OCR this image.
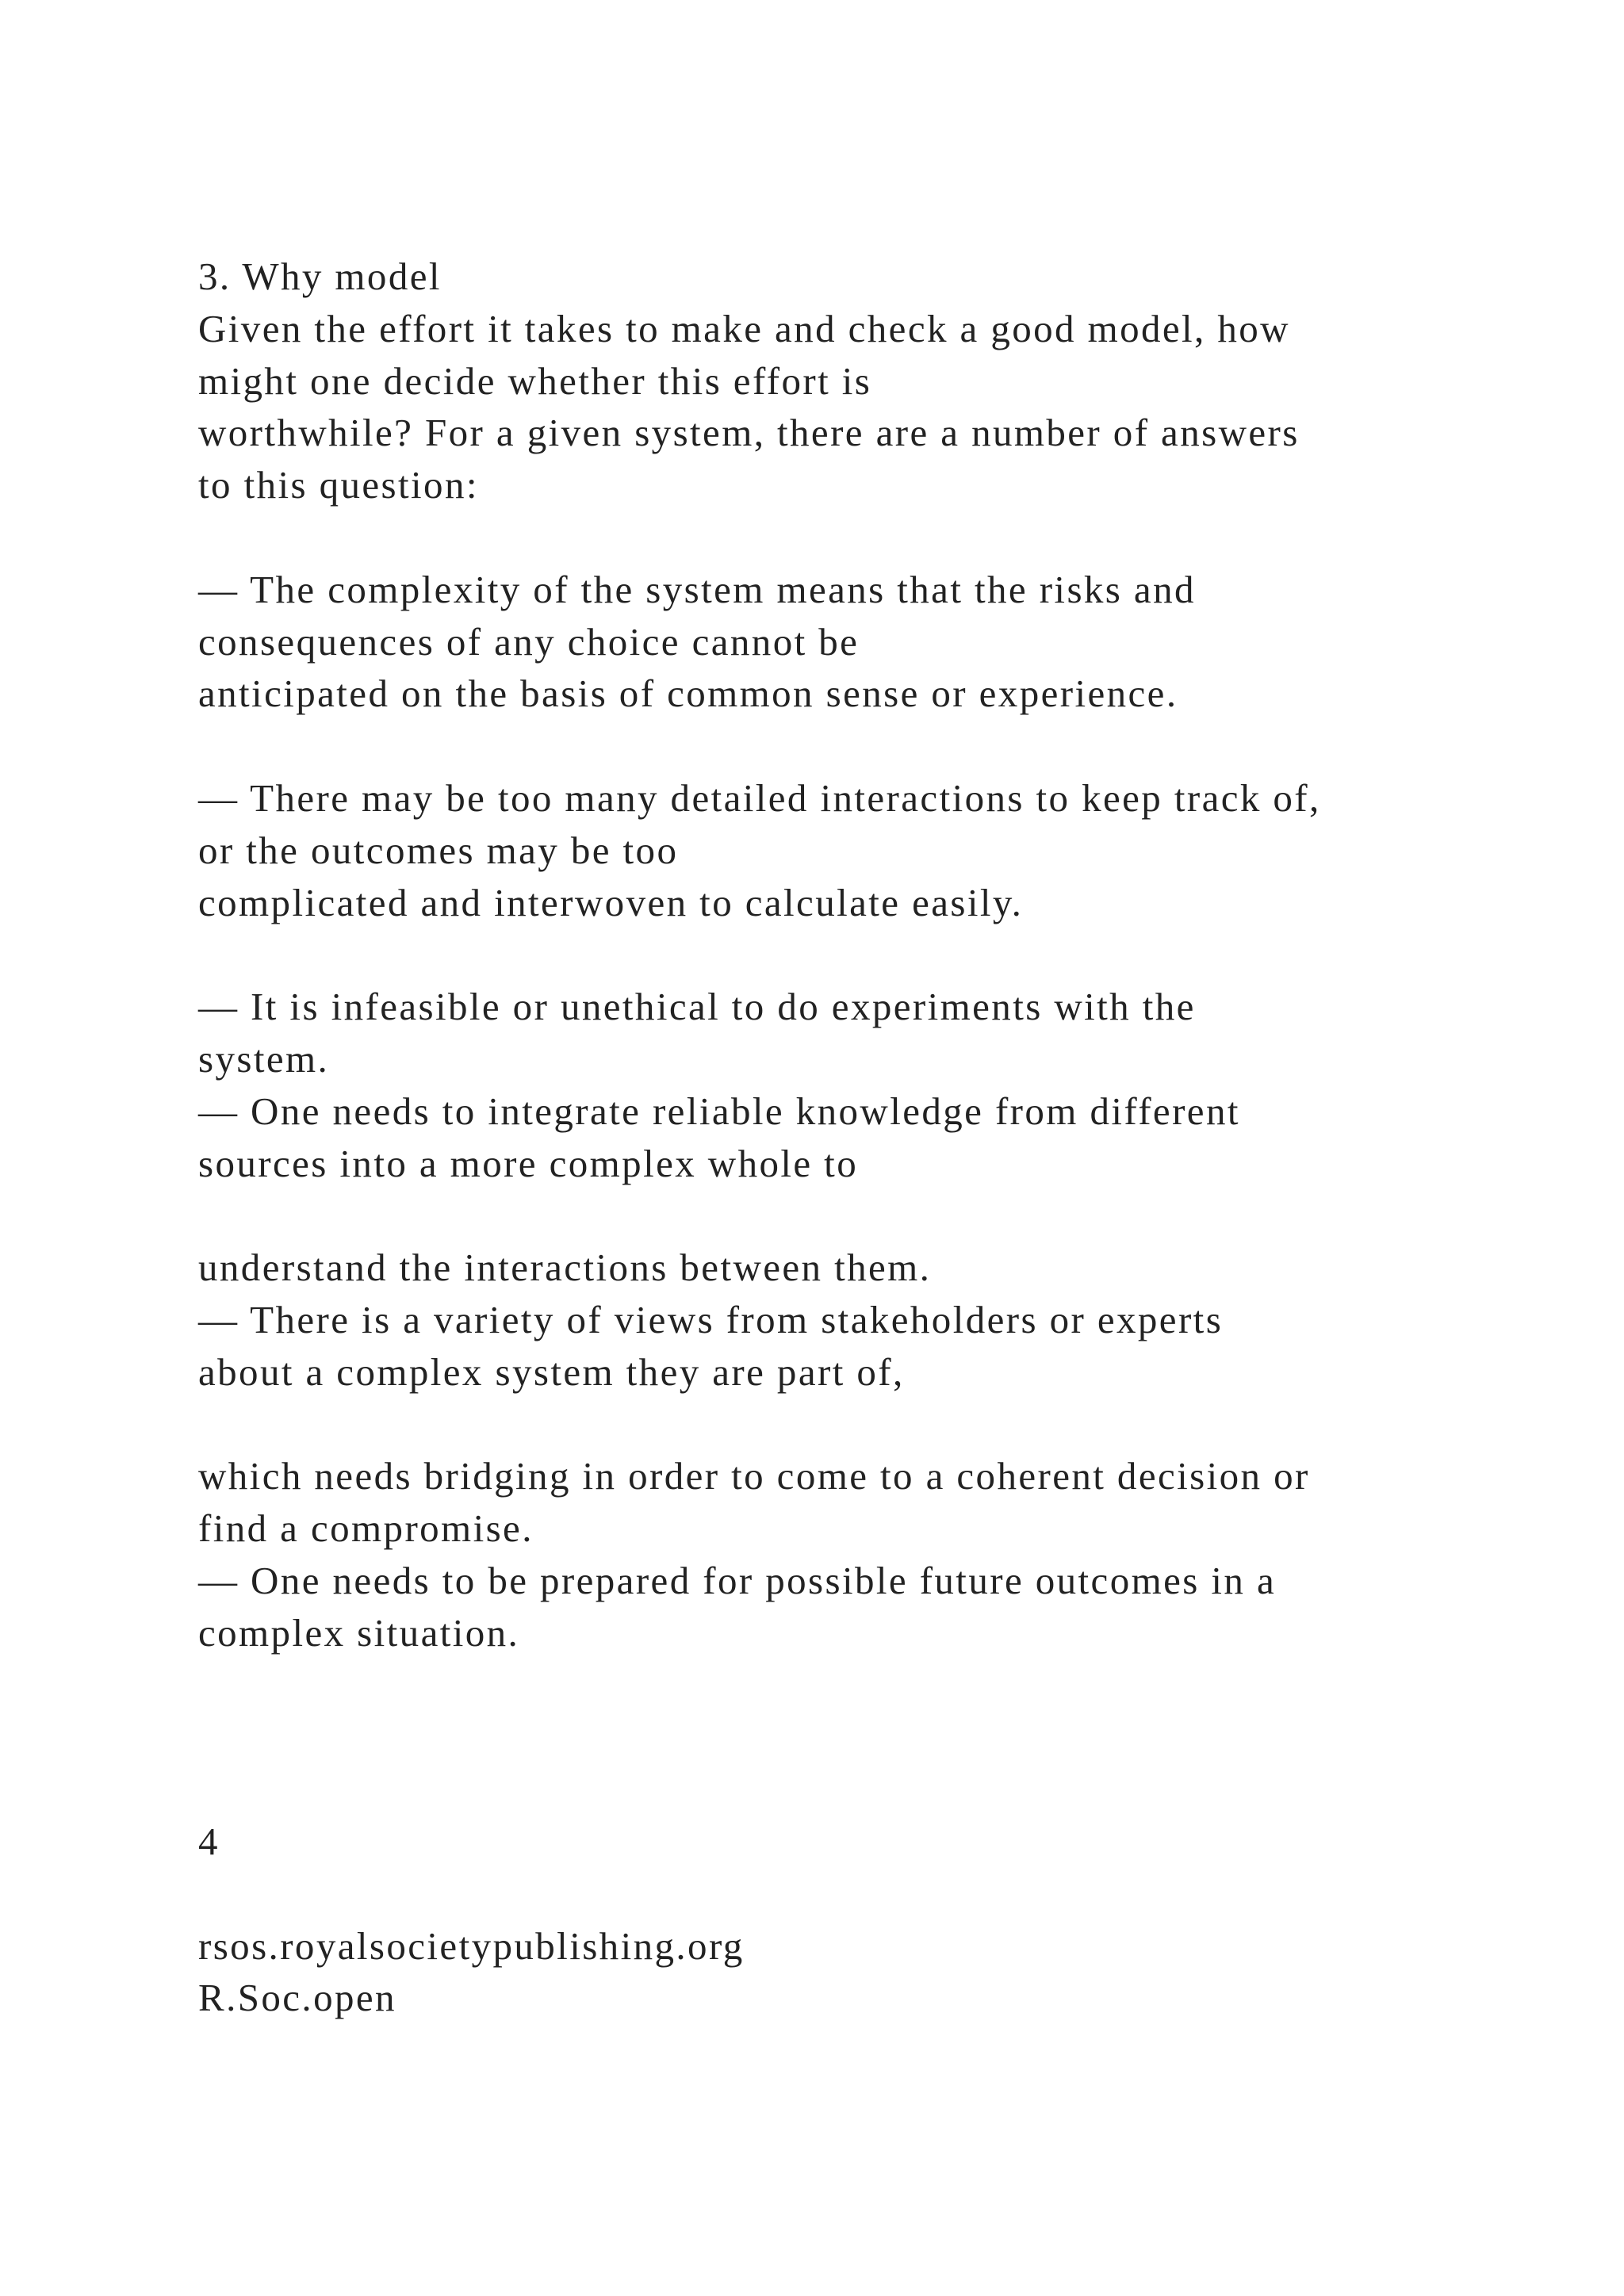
3. Why model
Given the effort it takes to make and check a good model, how
might one decide whether this effort is
worthwhile? For a given system, there are a number of answers
to this question:
— The complexity of the system means that the risks and
consequences of any choice cannot be
anticipated on the basis of common sense or experience.
— There may be too many detailed interactions to keep track of,
or the outcomes may be too
complicated and interwoven to calculate easily.
— It is infeasible or unethical to do experiments with the
system.
— One needs to integrate reliable knowledge from different
sources into a more complex whole to
understand the interactions between them.
— There is a variety of views from stakeholders or experts
about a complex system they are part of,
which needs bridging in order to come to a coherent decision or
find a compromise.
— One needs to be prepared for possible future outcomes in a
complex situation.
4
rsos.royalsocietypublishing.org
R.Soc.open
